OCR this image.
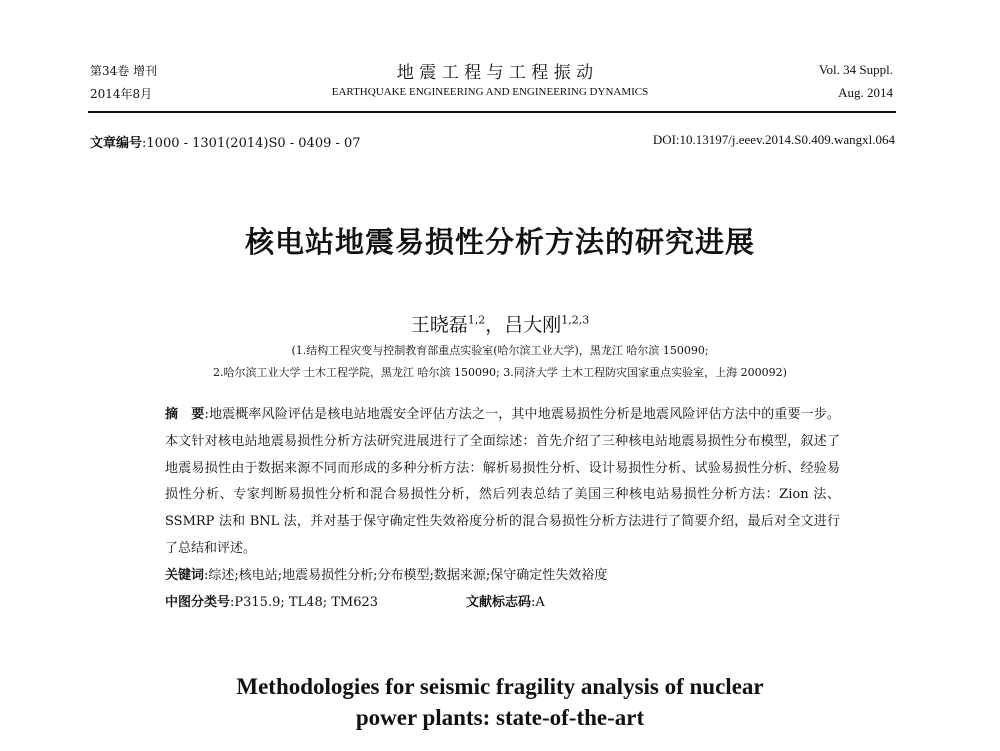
第34卷 增刊
2014年8月
地 震 工 程 与 工 程 振 动
EARTHQUAKE ENGINEERING AND ENGINEERING DYNAMICS
Vol. 34 Suppl.
Aug. 2014
文章编号:1000 - 1301(2014)S0 - 0409 - 07	DOI:10.13197/j.eeev.2014.S0.409.wangxl.064
核电站地震易损性分析方法的研究进展
王晓磊$^{1,2}$，吕大刚$^{1,2,3}$
(1.结构工程灾变与控制教育部重点实验室(哈尔滨工业大学)，黑龙江 哈尔滨 150090;
2.哈尔滨工业大学 土木工程学院，黑龙江 哈尔滨 150090; 3.同济大学 土木工程防灾国家重点实验室，上海 200092)

摘　要:地震概率风险评估是核电站地震安全评估方法之一，其中地震易损性分析是地震风险评估方法中的重要一步。本文针对核电站地震易损性分析方法研究进展进行了全面综述：首先介绍了三种核电站地震易损性分布模型，叙述了地震易损性由于数据来源不同而形成的多种分析方法：解析易损性分析、设计易损性分析、试验易损性分析、经验易损性分析、专家判断易损性分析和混合易损性分析，然后列表总结了美国三种核电站易损性分析方法：Zion 法、SSMRP 法和 BNL 法，并对基于保守确定性失效裕度分析的混合易损性分析方法进行了简要介绍，最后对全文进行了总结和评述。

关键词:综述;核电站;地震易损性分析;分布模型;数据来源;保守确定性失效裕度

中图分类号:P315.9; TL48; TM623	文献标志码:A

Methodologies for seismic fragility analysis of nuclear
power plants: state-of-the-art
